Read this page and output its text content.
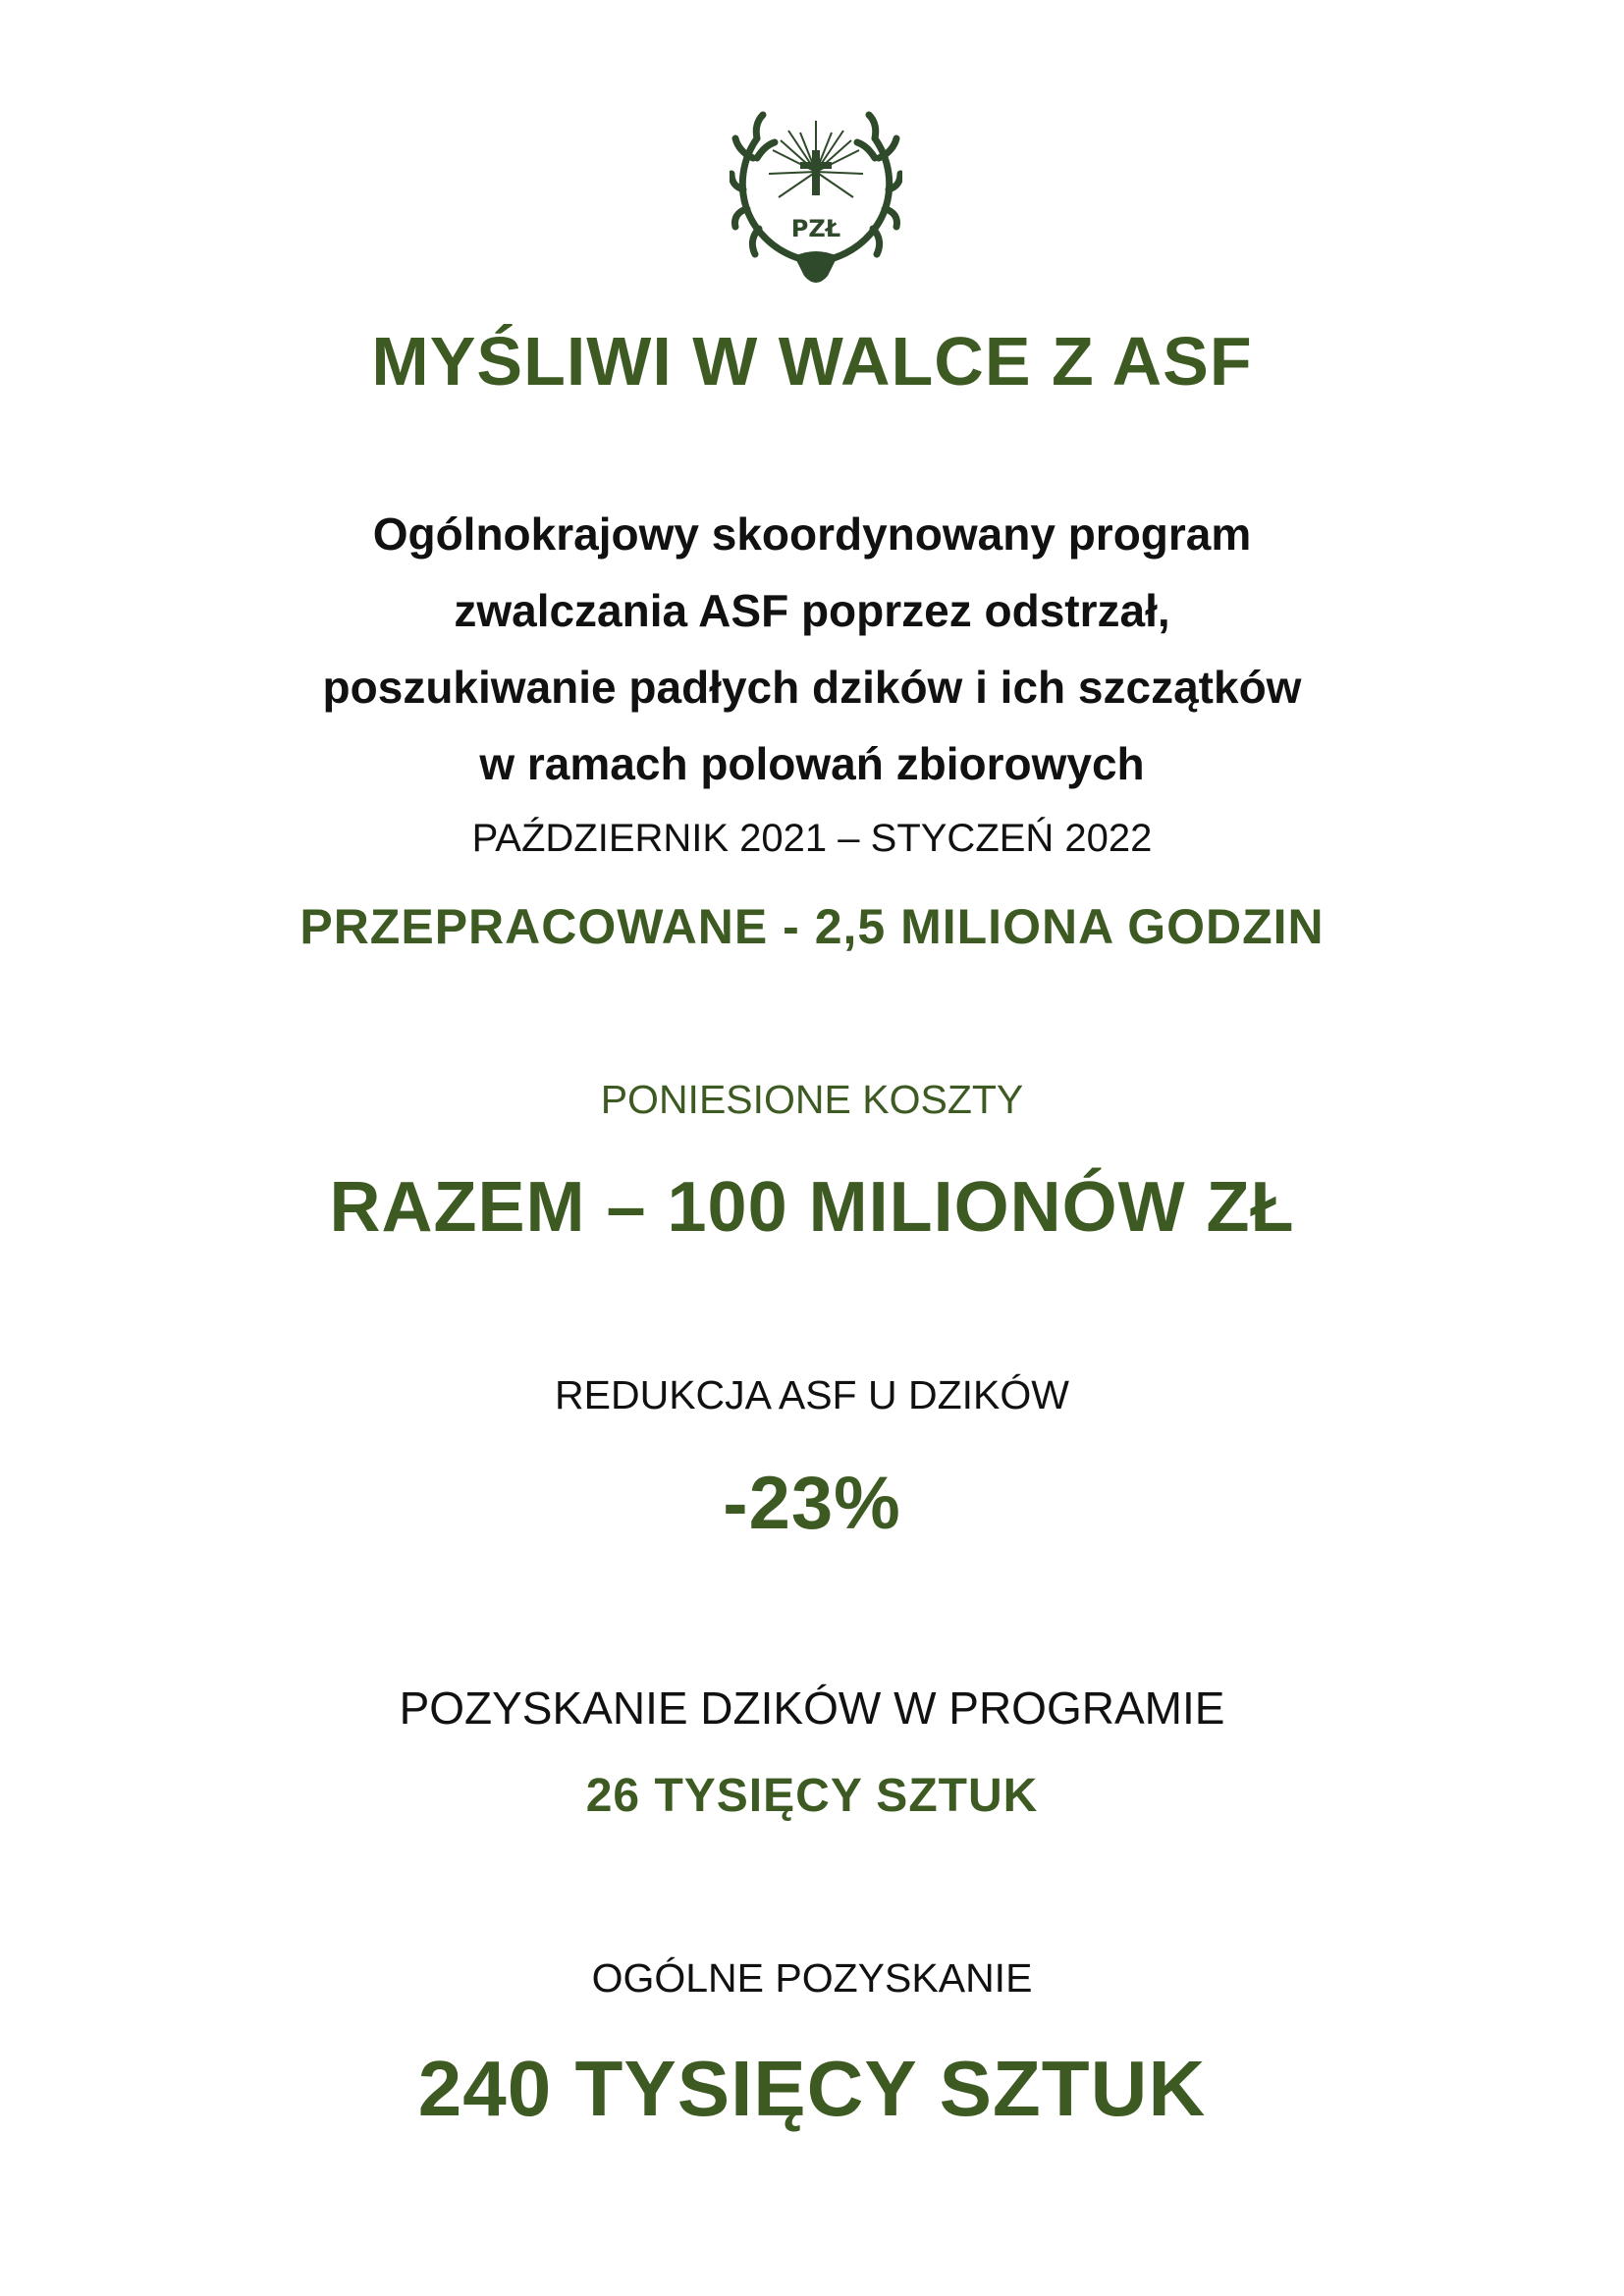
PZŁ
MYŚLIWI W WALCE Z ASF
Ogólnokrajowy skoordynowany program
zwalczania ASF poprzez odstrzał,
poszukiwanie padłych dzików i ich szczątków
w ramach polowań zbiorowych

PAŹDZIERNIK 2021 – STYCZEŃ 2022

PRZEPRACOWANE - 2,5 MILIONA GODZIN

PONIESIONE KOSZTY

RAZEM – 100 MILIONÓW ZŁ

REDUKCJA ASF U DZIKÓW

-23%

POZYSKANIE DZIKÓW W PROGRAMIE

26 TYSIĘCY SZTUK

OGÓLNE POZYSKANIE

240 TYSIĘCY SZTUK
